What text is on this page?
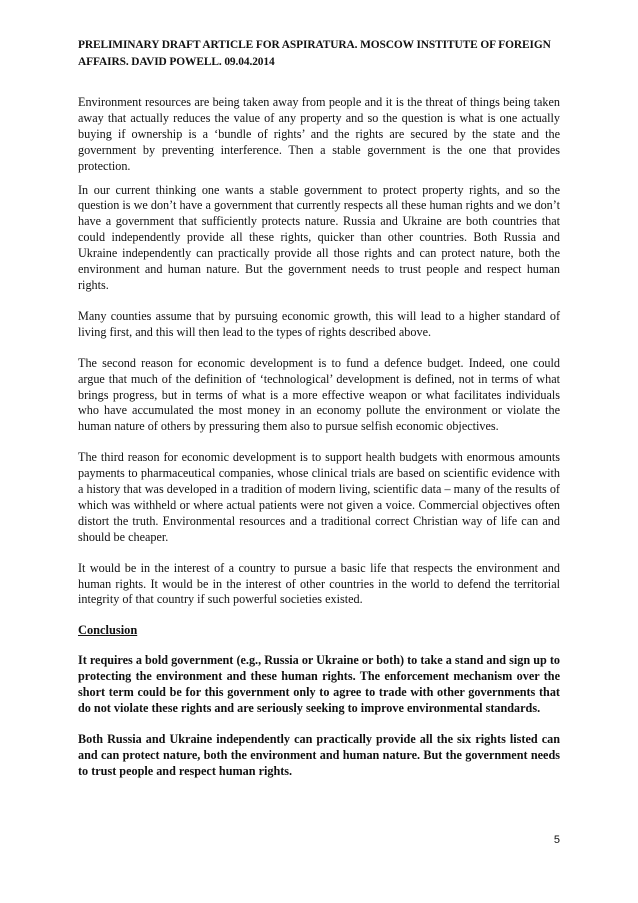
PRELIMINARY DRAFT ARTICLE FOR ASPIRATURA. MOSCOW INSTITUTE OF FOREIGN
AFFAIRS. DAVID POWELL. 09.04.2014

Environment resources are being taken away from people and it is the threat of things being taken away that actually reduces the value of any property and so the question is what is one actually buying if ownership is a ‘bundle of rights’ and the rights are secured by the state and the government by preventing interference. Then a stable government is the one that provides protection.

In our current thinking one wants a stable government to protect property rights, and so the question is we don’t have a government that currently respects all these human rights and we don’t have a government that sufficiently protects nature. Russia and Ukraine are both countries that could independently provide all these rights, quicker than other countries. Both Russia and Ukraine independently can practically provide all those rights and can protect nature, both the environment and human nature. But the government needs to trust people and respect human rights.

Many counties assume that by pursuing economic growth, this will lead to a higher standard of living first, and this will then lead to the types of rights described above.

The second reason for economic development is to fund a defence budget. Indeed, one could argue that much of the definition of ‘technological’ development is defined, not in terms of what brings progress, but in terms of what is a more effective weapon or what facilitates individuals who have accumulated the most money in an economy pollute the environment or violate the human nature of others by pressuring them also to pursue selfish economic objectives.

The third reason for economic development is to support health budgets with enormous amounts payments to pharmaceutical companies, whose clinical trials are based on scientific evidence with a history that was developed in a tradition of modern living, scientific data – many of the results of which was withheld or where actual patients were not given a voice. Commercial objectives often distort the truth. Environmental resources and a traditional correct Christian way of life can and should be cheaper.

It would be in the interest of a country to pursue a basic life that respects the environment and human rights. It would be in the interest of other countries in the world to defend the territorial integrity of that country if such powerful societies existed.

Conclusion

It requires a bold government (e.g., Russia or Ukraine or both) to take a stand and sign up to protecting the environment and these human rights. The enforcement mechanism over the short term could be for this government only to agree to trade with other governments that do not violate these rights and are seriously seeking to improve environmental standards.

Both Russia and Ukraine independently can practically provide all the six rights listed can and can protect nature, both the environment and human nature. But the government needs to trust people and respect human rights.

5
